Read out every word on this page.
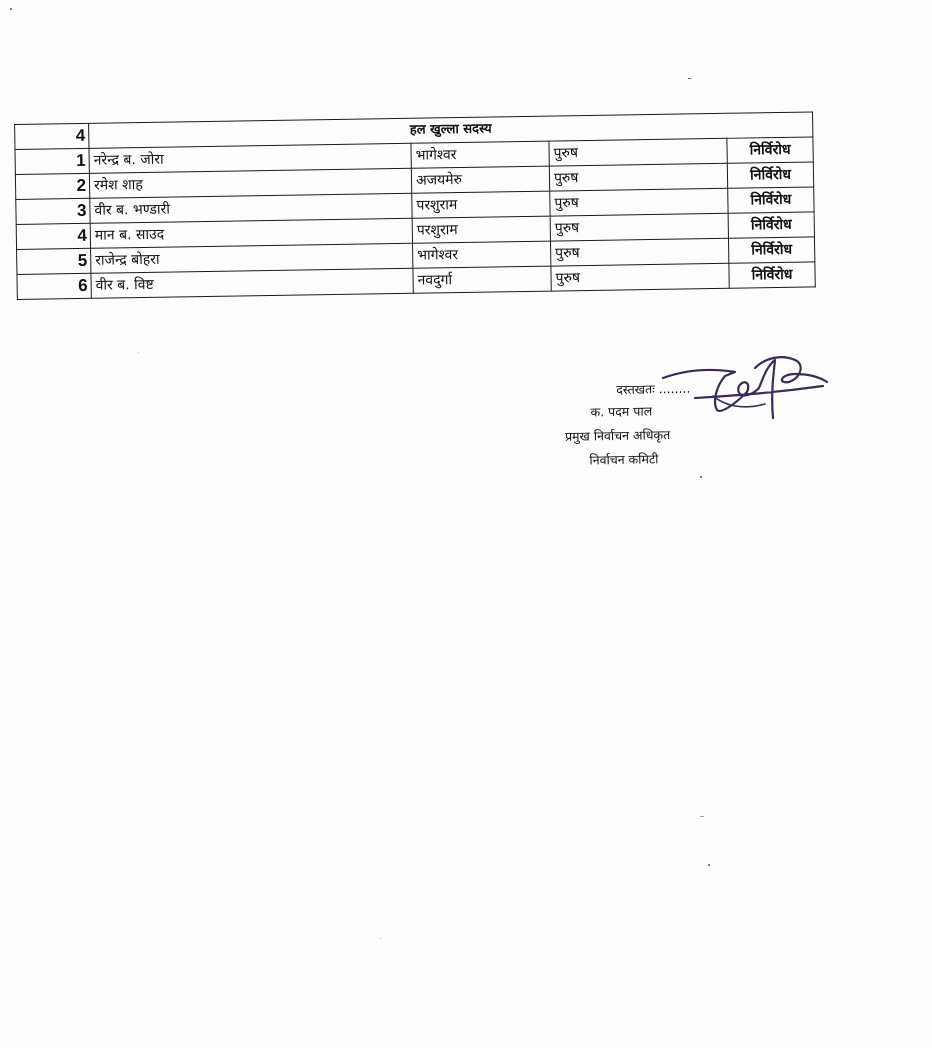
4	हल खुल्ला सदस्य			
1	नरेन्द्र ब. जोरा	भागेश्वर	पुरुष	निर्विरोध
2	रमेश शाह	अजयमेरु	पुरुष	निर्विरोध
3	वीर ब. भण्डारी	परशुराम	पुरुष	निर्विरोध
4	मान ब. साउद	परशुराम	पुरुष	निर्विरोध
5	राजेन्द्र बोहरा	भागेश्वर	पुरुष	निर्विरोध
6	वीर ब. विष्ट	नवदुर्गा	पुरुष	निर्विरोध
दस्तखतः ........
क. पदम पाल
प्रमुख निर्वाचन अधिकृत
निर्वाचन कमिटी
